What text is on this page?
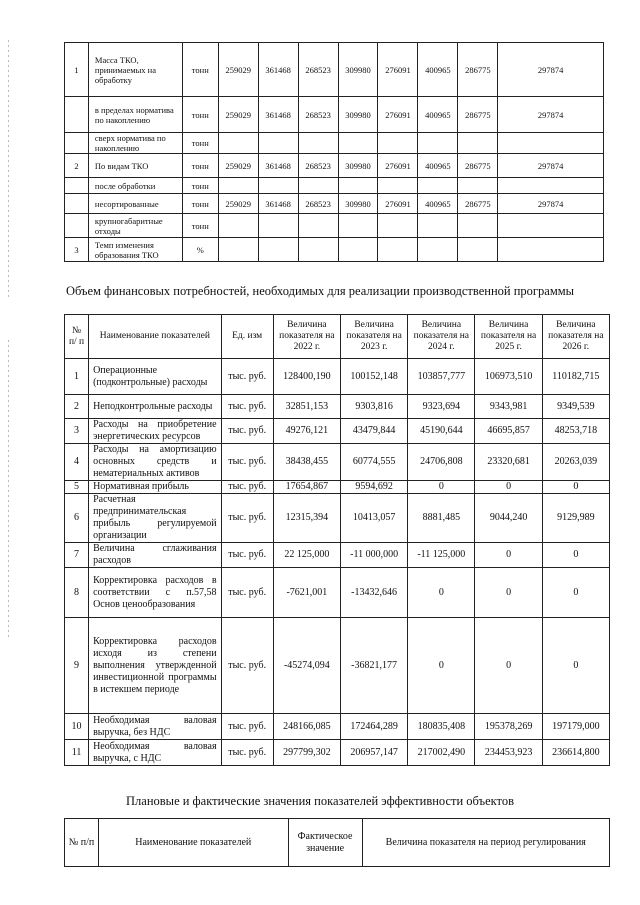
1	Масса ТКО, принимаемых на обработку	тонн	259029	361468	268523	309980	276091	400965	286775	297874
	в пределах норматива по накоплению	тонн	259029	361468	268523	309980	276091	400965	286775	297874
	сверх норматива по накоплению	тонн								
2	По видам ТКО	тонн	259029	361468	268523	309980	276091	400965	286775	297874
	после обработки	тонн								
	несортированные	тонн	259029	361468	268523	309980	276091	400965	286775	297874
	крупногабаритные отходы	тонн								
3	Темп изменения образования ТКО	%								
Объем финансовых потребностей, необходимых для реализации производственной программы
№ п/ п	Наименование показателей	Ед. изм	Величина показателя на 2022 г.	Величина показателя на 2023 г.	Величина показателя на 2024 г.	Величина показателя на 2025 г.	Величина показателя на 2026 г.
1	Операционные (подконтрольные) расходы	тыс. руб.	128400,190	100152,148	103857,777	106973,510	110182,715
2	Неподконтрольные расходы	тыс. руб.	32851,153	9303,816	9323,694	9343,981	9349,539
3	Расходы на приобретение энергетических ресурсов	тыс. руб.	49276,121	43479,844	45190,644	46695,857	48253,718
4	Расходы на амортизацию основных средств и нематериальных активов	тыс. руб.	38438,455	60774,555	24706,808	23320,681	20263,039
5	Нормативная прибыль	тыс. руб.	17654,867	9594,692	0	0	0
6	Расчетная предпринимательская прибыль регулируемой организации	тыс. руб.	12315,394	10413,057	8881,485	9044,240	9129,989
7	Величина сглаживания расходов	тыс. руб.	22 125,000	-11 000,000	-11 125,000	0	0
8	Корректировка расходов в соответствии с п.57,58 Основ ценообразования	тыс. руб.	-7621,001	-13432,646	0	0	0
9	Корректировка расходов исходя из степени выполнения утвержденной инвестиционной программы в истекшем периоде	тыс. руб.	-45274,094	-36821,177	0	0	0
10	Необходимая валовая выручка, без НДС	тыс. руб.	248166,085	172464,289	180835,408	195378,269	197179,000
11	Необходимая валовая выручка, с НДС	тыс. руб.	297799,302	206957,147	217002,490	234453,923	236614,800
Плановые и фактические значения показателей эффективности объектов
№ п/п	Наименование показателей	Фактическое значение	Величина показателя на период регулирования
